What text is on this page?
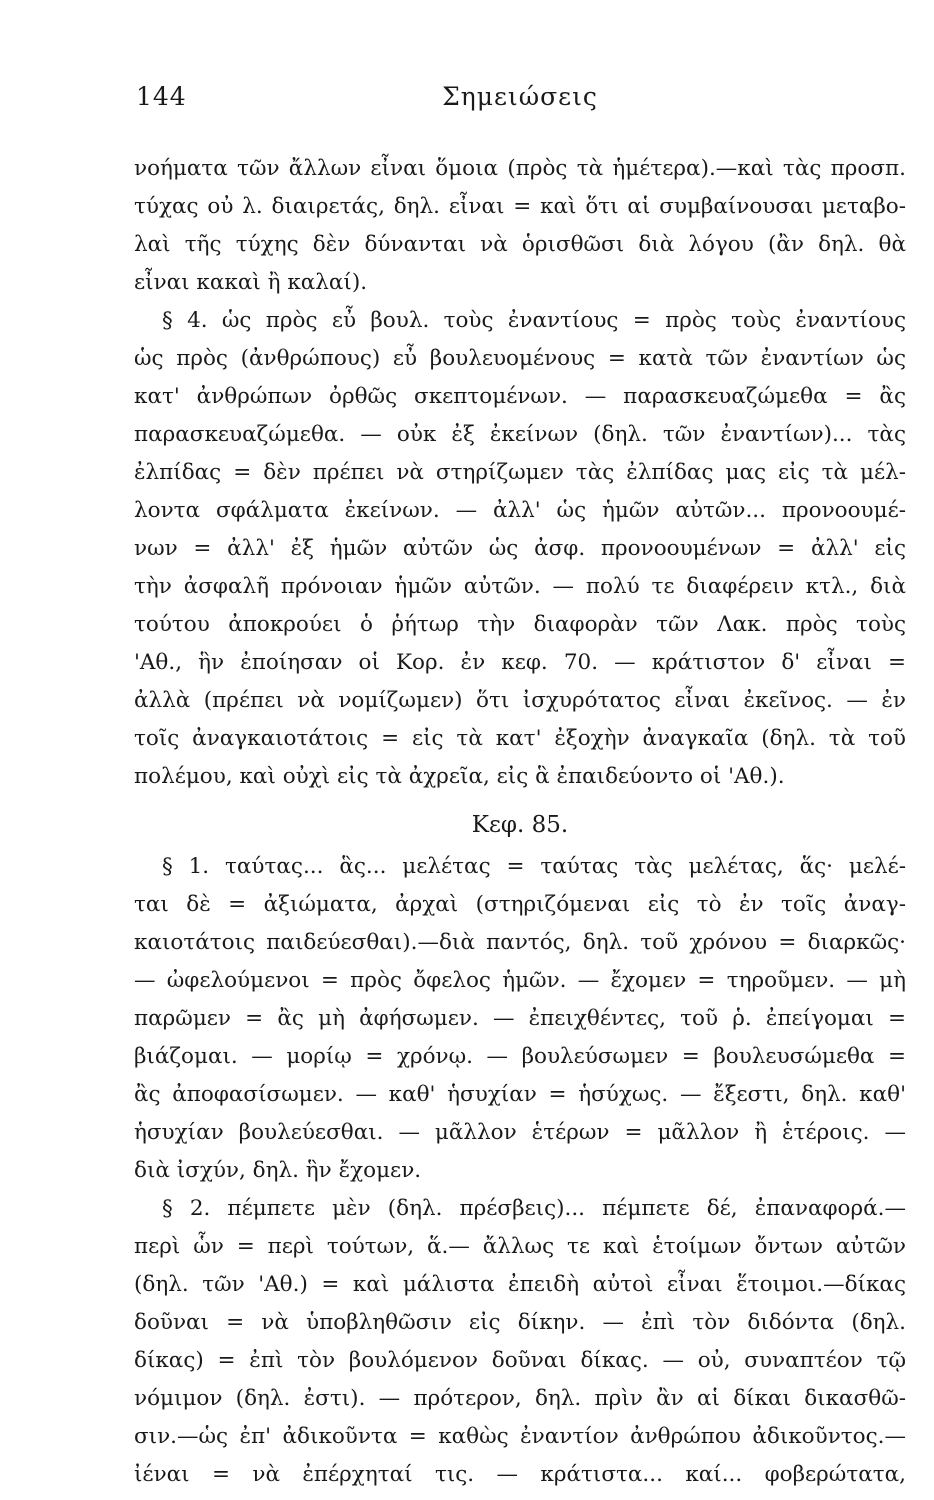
144	Σημειώσεις
νοήματα τῶν ἄλλων εἶναι ὅμοια (πρὸς τὰ ἡμέτερα).—καὶ τὰς προσπ.
τύχας οὐ λ. διαιρετάς, δηλ. εἶναι = καὶ ὅτι αἱ συμβαίνουσαι μεταβο-
λαὶ τῆς τύχης δὲν δύνανται νὰ ὁρισθῶσι διὰ λόγου (ἂν δηλ. θὰ
εἶναι κακαὶ ἢ καλαί).
§ 4. ὡς πρὸς εὖ βουλ. τοὺς ἐναντίους = πρὸς τοὺς ἐναντίους
ὡς πρὸς (ἀνθρώπους) εὖ βουλευομένους = κατὰ τῶν ἐναντίων ὡς
κατ' ἀνθρώπων ὀρθῶς σκεπτομένων. — παρασκευαζώμεθα = ἂς
παρασκευαζώμεθα. — οὐκ ἐξ ἐκείνων (δηλ. τῶν ἐναντίων)... τὰς
ἐλπίδας = δὲν πρέπει νὰ στηρίζωμεν τὰς ἐλπίδας μας εἰς τὰ μέλ-
λοντα σφάλματα ἐκείνων. — ἀλλ' ὡς ἡμῶν αὐτῶν... προνοουμέ-
νων = ἀλλ' ἐξ ἡμῶν αὐτῶν ὡς ἀσφ. προνοουμένων = ἀλλ' εἰς
τὴν ἀσφαλῆ πρόνοιαν ἡμῶν αὐτῶν. — πολύ τε διαφέρειν κτλ., διὰ
τούτου ἀποκρούει ὁ ῥήτωρ τὴν διαφορὰν τῶν Λακ. πρὸς τοὺς
'Αθ., ἣν ἐποίησαν οἱ Κορ. ἐν κεφ. 70. — κράτιστον δ' εἶναι =
ἀλλὰ (πρέπει νὰ νομίζωμεν) ὅτι ἰσχυρότατος εἶναι ἐκεῖνος. — ἐν
τοῖς ἀναγκαιοτάτοις = εἰς τὰ κατ' ἐξοχὴν ἀναγκαῖα (δηλ. τὰ τοῦ
πολέμου, καὶ οὐχὶ εἰς τὰ ἀχρεῖα, εἰς ἃ ἐπαιδεύοντο οἱ 'Αθ.).
Κεφ. 85.
§ 1. ταύτας... ἃς... μελέτας = ταύτας τὰς μελέτας, ἅς· μελέ-
ται δὲ = ἀξιώματα, ἀρχαὶ (στηριζόμεναι εἰς τὸ ἐν τοῖς ἀναγ-
καιοτάτοις παιδεύεσθαι).—διὰ παντός, δηλ. τοῦ χρόνου = διαρκῶς·
— ὠφελούμενοι = πρὸς ὄφελος ἡμῶν. — ἔχομεν = τηροῦμεν. — μὴ
παρῶμεν = ἂς μὴ ἀφήσωμεν. — ἐπειχθέντες, τοῦ ῥ. ἐπείγομαι =
βιάζομαι. — μορίῳ = χρόνῳ. — βουλεύσωμεν = βουλευσώμεθα =
ἂς ἀποφασίσωμεν. — καθ' ἡσυχίαν = ἡσύχως. — ἔξεστι, δηλ. καθ'
ἡσυχίαν βουλεύεσθαι. — μᾶλλον ἑτέρων = μᾶλλον ἢ ἑτέροις. —
διὰ ἰσχύν, δηλ. ἣν ἔχομεν.
§ 2. πέμπετε μὲν (δηλ. πρέσβεις)... πέμπετε δέ, ἐπαναφορά.—
περὶ ὧν = περὶ τούτων, ἅ.— ἄλλως τε καὶ ἑτοίμων ὄντων αὐτῶν
(δηλ. τῶν 'Αθ.) = καὶ μάλιστα ἐπειδὴ αὐτοὶ εἶναι ἕτοιμοι.—δίκας
δοῦναι = νὰ ὑποβληθῶσιν εἰς δίκην. — ἐπὶ τὸν διδόντα (δηλ.
δίκας) = ἐπὶ τὸν βουλόμενον δοῦναι δίκας. — οὐ, συναπτέον τῷ
νόμιμον (δηλ. ἐστι). — πρότερον, δηλ. πρὶν ἂν αἱ δίκαι δικασθῶ-
σιν.—ὡς ἐπ' ἀδικοῦντα = καθὼς ἐναντίον ἀνθρώπου ἀδικοῦντος.—
ἰέναι = νὰ ἐπέρχηταί τις. — κράτιστα... καί... φοβερώτατα,
